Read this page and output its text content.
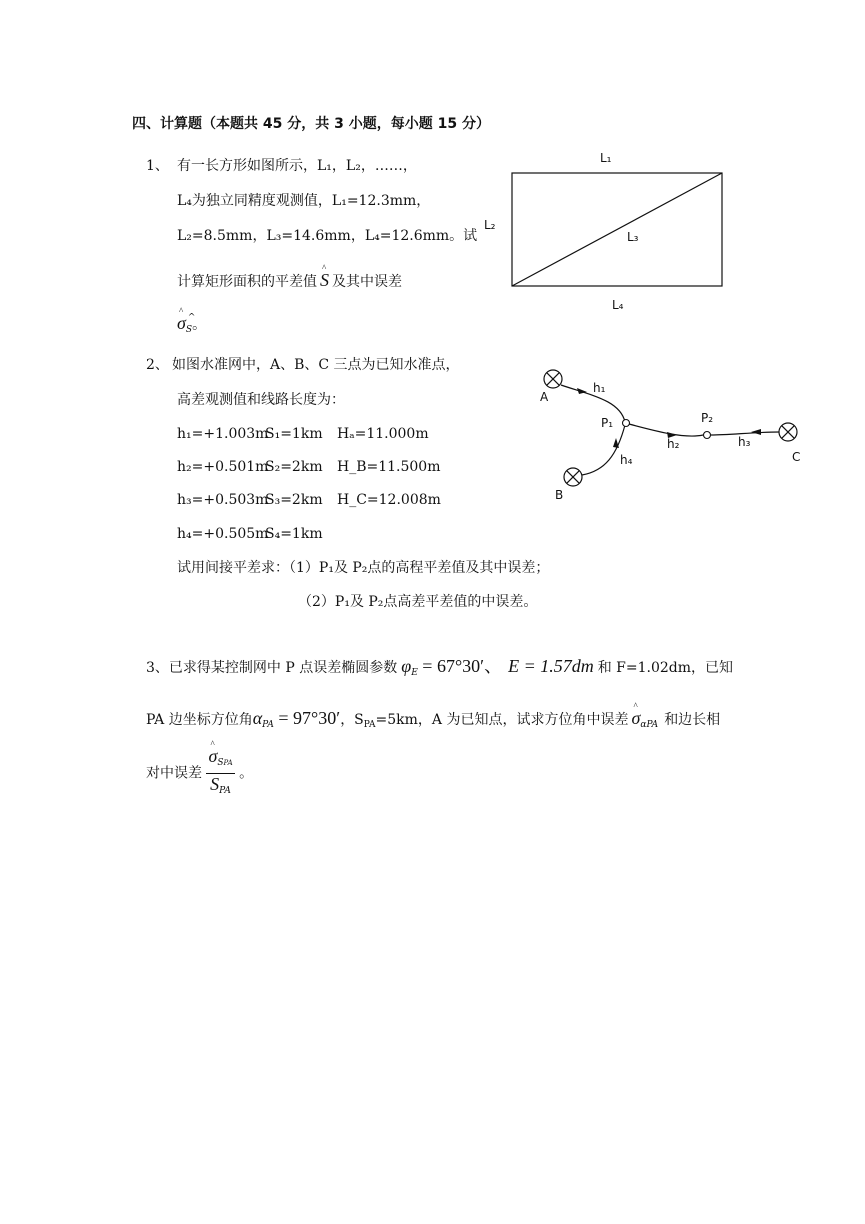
四、计算题（本题共 45 分，共 3 小题，每小题 15 分）
1、 有一长方形如图所示，L₁，L₂，……，
L₄为独立同精度观测值，L₁=12.3mm，
L₂=8.5mm，L₃=14.6mm，L₄=12.6mm。试
计算矩形面积的平差值 ^ S 及其中误差
^ σ^ $_S$。
L₁
L₂
L₃
L₄
2、 如图水准网中，A、B、C 三点为已知水准点，
高差观测值和线路长度为：
h₁=+1.003mS₁=1km Hₐ=11.000m
h₂=+0.501mS₂=2km H_B=11.500m
h₃=+0.503mS₃=2km H_C=12.008m
h₄=+0.505mS₄=1km
试用间接平差求：（1）P₁及 P₂点的高程平差值及其中误差；
（2）P₁及 P₂点高差平差值的中误差。
A
B
C
P₁	P₂
h₁
h₂	h₃
h₄
3、已求得某控制网中 P 点误差椭圆参数 $\varphi_E = 67^\circ 30'$、 E = 1.57dm 和 F=1.02dm，已知
PA 边坐标方位角$\alpha_{PA} = 97^\circ 30'$，$S_{PA}=5km$，A 为已知点，试求方位角中误差 ^ $\sigma_{\alpha PA}$ 和边长相
对中误差 ^ $\frac{\sigma_{SPA}}{S_{PA}}$ 。
